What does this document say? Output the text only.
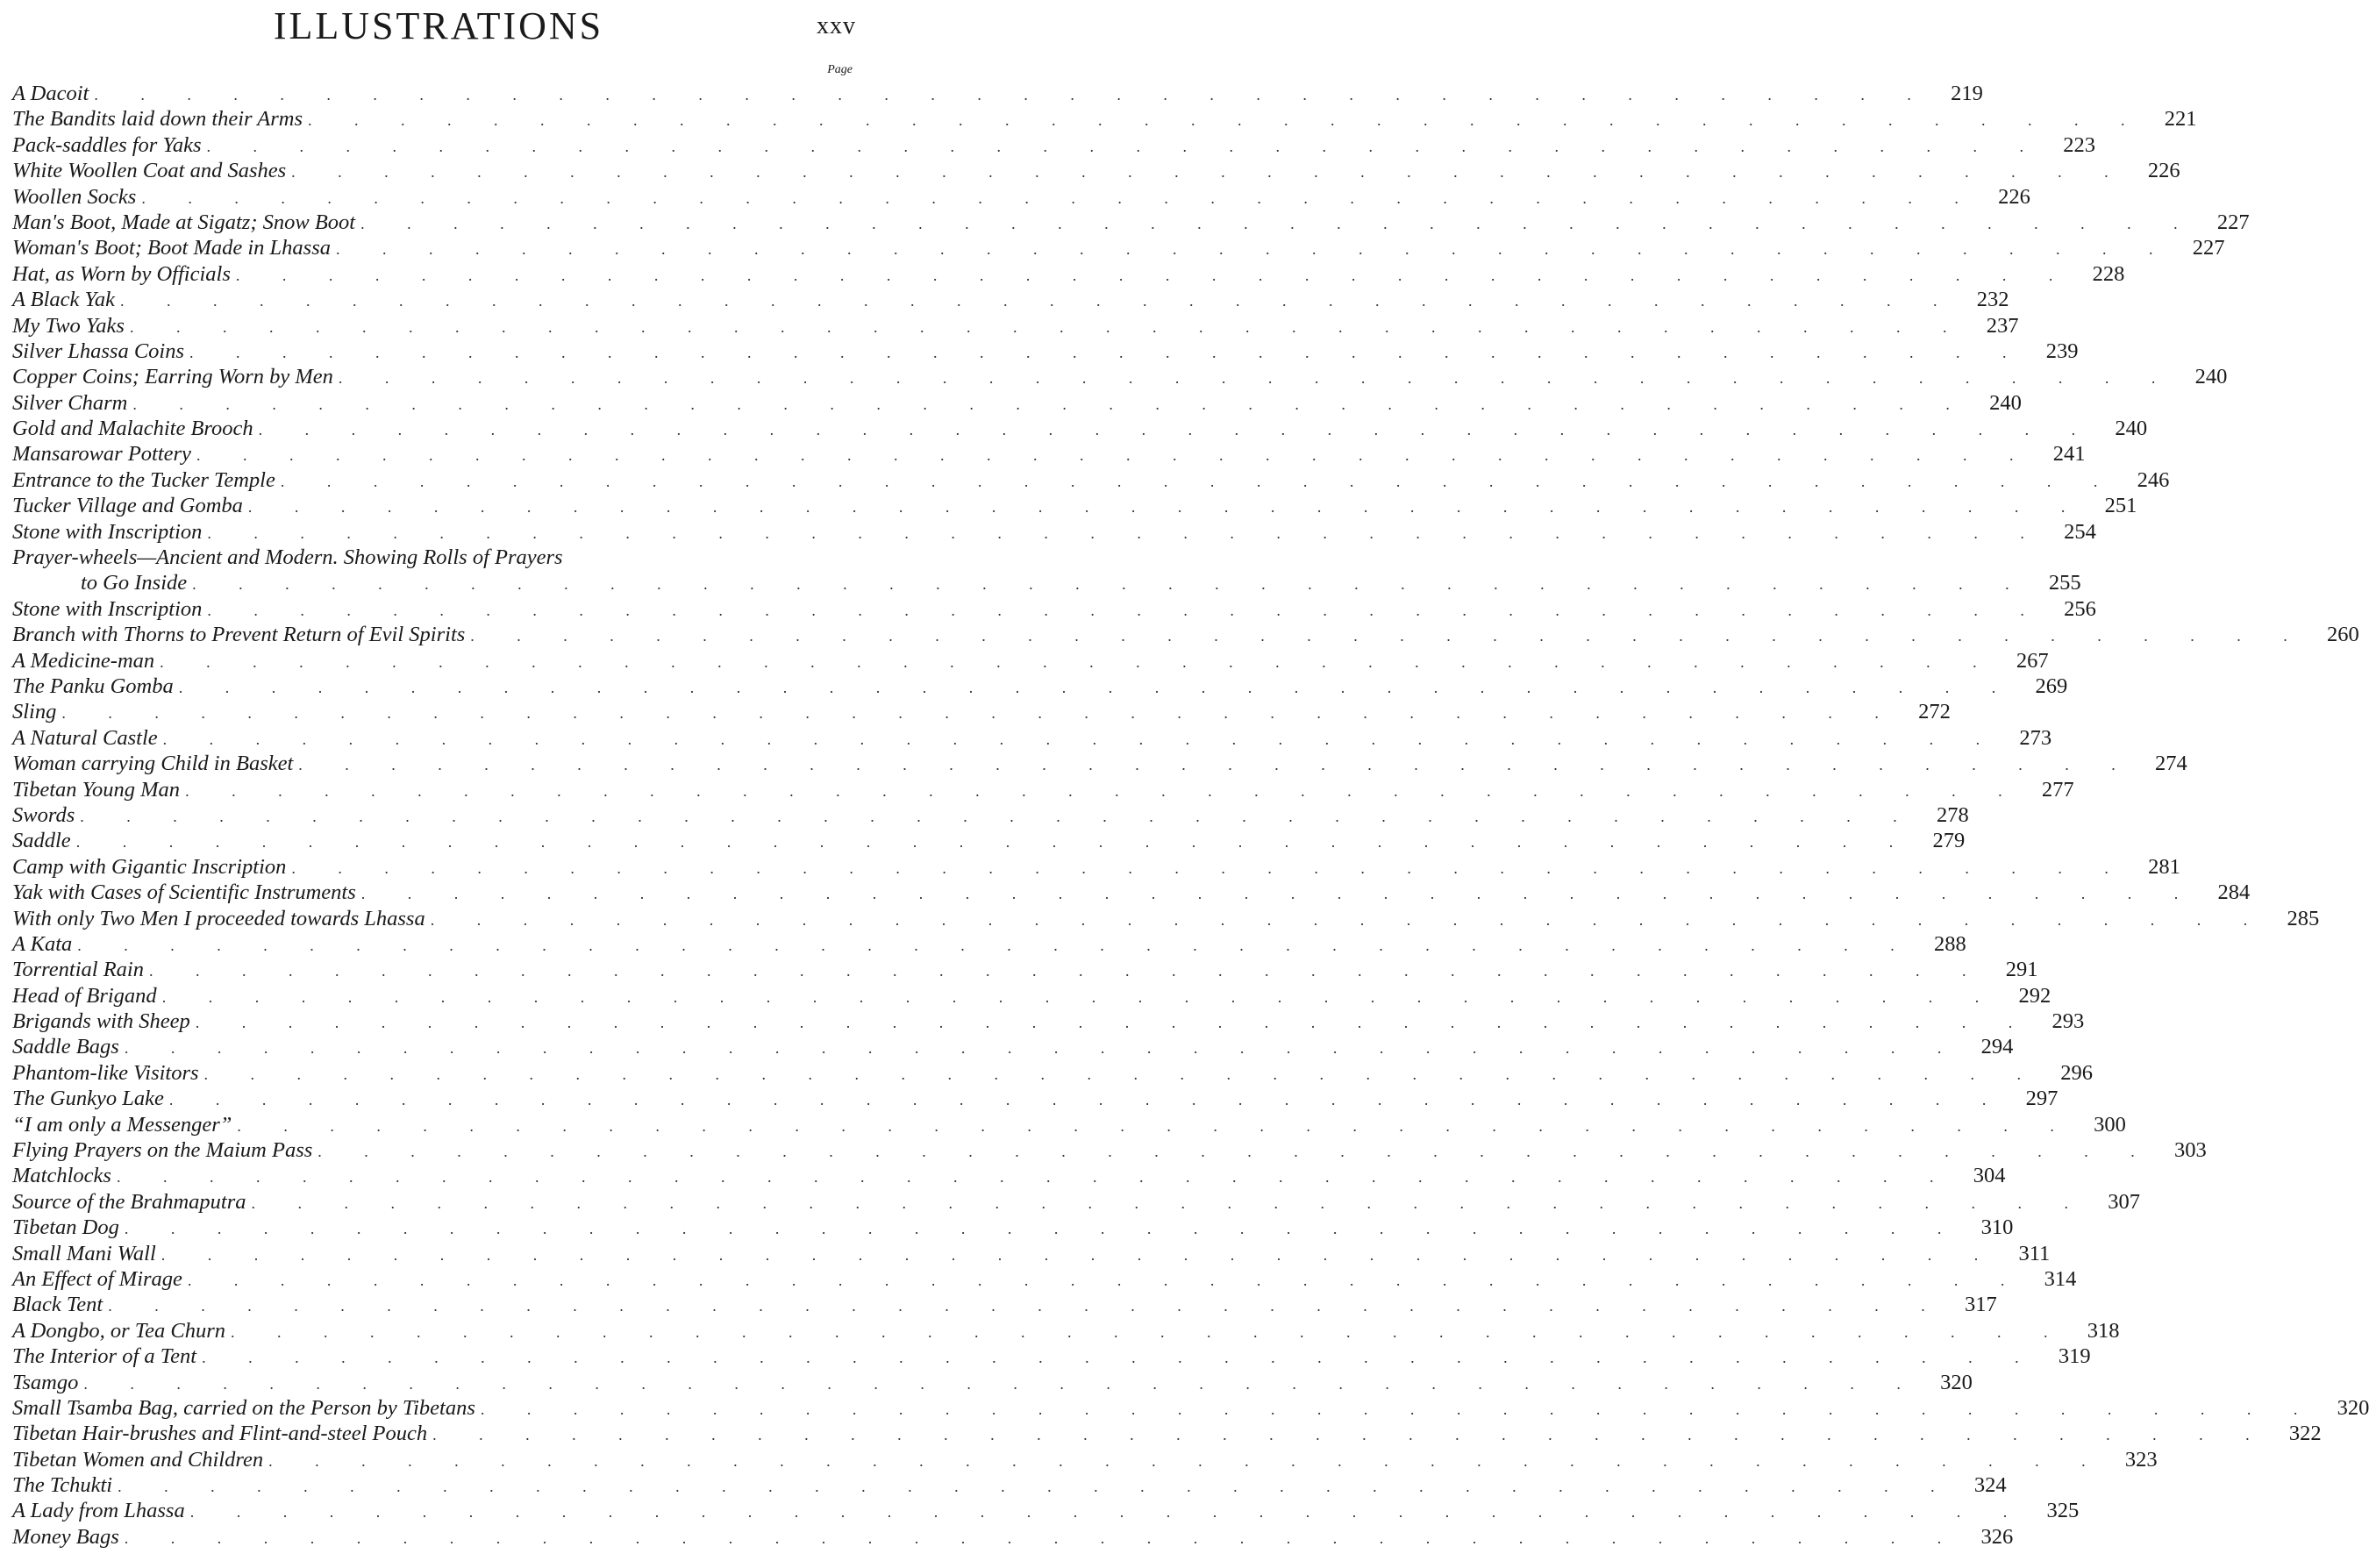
ILLUSTRATIONS	xxv
Page
A Dacoit . . . . . . . . . . . . . . . . . . . . . . . . . . . . . . . . . . . . . . . . 219
The Bandits laid down their Arms . . . . . . . . . . . . . . . . . . . . . . . . . . . . . . . . . . . . . . . . 221
Pack-saddles for Yaks . . . . . . . . . . . . . . . . . . . . . . . . . . . . . . . . . . . . . . . . 223
White Woollen Coat and Sashes . . . . . . . . . . . . . . . . . . . . . . . . . . . . . . . . . . . . . . . . 226
Woollen Socks . . . . . . . . . . . . . . . . . . . . . . . . . . . . . . . . . . . . . . . . 226
Man's Boot, Made at Sigatz; Snow Boot . . . . . . . . . . . . . . . . . . . . . . . . . . . . . . . . . . . . . . . . 227
Woman's Boot; Boot Made in Lhassa . . . . . . . . . . . . . . . . . . . . . . . . . . . . . . . . . . . . . . . . 227
Hat, as Worn by Officials . . . . . . . . . . . . . . . . . . . . . . . . . . . . . . . . . . . . . . . . 228
A Black Yak . . . . . . . . . . . . . . . . . . . . . . . . . . . . . . . . . . . . . . . . 232
My Two Yaks . . . . . . . . . . . . . . . . . . . . . . . . . . . . . . . . . . . . . . . . 237
Silver Lhassa Coins . . . . . . . . . . . . . . . . . . . . . . . . . . . . . . . . . . . . . . . . 239
Copper Coins; Earring Worn by Men . . . . . . . . . . . . . . . . . . . . . . . . . . . . . . . . . . . . . . . . 240
Silver Charm . . . . . . . . . . . . . . . . . . . . . . . . . . . . . . . . . . . . . . . . 240
Gold and Malachite Brooch . . . . . . . . . . . . . . . . . . . . . . . . . . . . . . . . . . . . . . . . 240
Mansarowar Pottery . . . . . . . . . . . . . . . . . . . . . . . . . . . . . . . . . . . . . . . . 241
Entrance to the Tucker Temple . . . . . . . . . . . . . . . . . . . . . . . . . . . . . . . . . . . . . . . . 246
Tucker Village and Gomba . . . . . . . . . . . . . . . . . . . . . . . . . . . . . . . . . . . . . . . . 251
Stone with Inscription . . . . . . . . . . . . . . . . . . . . . . . . . . . . . . . . . . . . . . . . 254
Prayer-wheels—Ancient and Modern. Showing Rolls of Prayers
to Go Inside . . . . . . . . . . . . . . . . . . . . . . . . . . . . . . . . . . . . . . . . 255
Stone with Inscription . . . . . . . . . . . . . . . . . . . . . . . . . . . . . . . . . . . . . . . . 256
Branch with Thorns to Prevent Return of Evil Spirits . . . . . . . . . . . . . . . . . . . . . . . . . . . . . . . . . . . . . . . . 260
A Medicine-man . . . . . . . . . . . . . . . . . . . . . . . . . . . . . . . . . . . . . . . . 267
The Panku Gomba . . . . . . . . . . . . . . . . . . . . . . . . . . . . . . . . . . . . . . . . 269
Sling . . . . . . . . . . . . . . . . . . . . . . . . . . . . . . . . . . . . . . . . 272
A Natural Castle . . . . . . . . . . . . . . . . . . . . . . . . . . . . . . . . . . . . . . . . 273
Woman carrying Child in Basket . . . . . . . . . . . . . . . . . . . . . . . . . . . . . . . . . . . . . . . . 274
Tibetan Young Man . . . . . . . . . . . . . . . . . . . . . . . . . . . . . . . . . . . . . . . . 277
Swords . . . . . . . . . . . . . . . . . . . . . . . . . . . . . . . . . . . . . . . . 278
Saddle . . . . . . . . . . . . . . . . . . . . . . . . . . . . . . . . . . . . . . . . 279
Camp with Gigantic Inscription . . . . . . . . . . . . . . . . . . . . . . . . . . . . . . . . . . . . . . . . 281
Yak with Cases of Scientific Instruments . . . . . . . . . . . . . . . . . . . . . . . . . . . . . . . . . . . . . . . . 284
With only Two Men I proceeded towards Lhassa . . . . . . . . . . . . . . . . . . . . . . . . . . . . . . . . . . . . . . . . 285
A Kata . . . . . . . . . . . . . . . . . . . . . . . . . . . . . . . . . . . . . . . . 288
Torrential Rain . . . . . . . . . . . . . . . . . . . . . . . . . . . . . . . . . . . . . . . . 291
Head of Brigand . . . . . . . . . . . . . . . . . . . . . . . . . . . . . . . . . . . . . . . . 292
Brigands with Sheep . . . . . . . . . . . . . . . . . . . . . . . . . . . . . . . . . . . . . . . . 293
Saddle Bags . . . . . . . . . . . . . . . . . . . . . . . . . . . . . . . . . . . . . . . . 294
Phantom-like Visitors . . . . . . . . . . . . . . . . . . . . . . . . . . . . . . . . . . . . . . . . 296
The Gunkyo Lake . . . . . . . . . . . . . . . . . . . . . . . . . . . . . . . . . . . . . . . . 297
“I am only a Messenger” . . . . . . . . . . . . . . . . . . . . . . . . . . . . . . . . . . . . . . . . 300
Flying Prayers on the Maium Pass . . . . . . . . . . . . . . . . . . . . . . . . . . . . . . . . . . . . . . . . 303
Matchlocks . . . . . . . . . . . . . . . . . . . . . . . . . . . . . . . . . . . . . . . . 304
Source of the Brahmaputra . . . . . . . . . . . . . . . . . . . . . . . . . . . . . . . . . . . . . . . . 307
Tibetan Dog . . . . . . . . . . . . . . . . . . . . . . . . . . . . . . . . . . . . . . . . 310
Small Mani Wall . . . . . . . . . . . . . . . . . . . . . . . . . . . . . . . . . . . . . . . . 311
An Effect of Mirage . . . . . . . . . . . . . . . . . . . . . . . . . . . . . . . . . . . . . . . . 314
Black Tent . . . . . . . . . . . . . . . . . . . . . . . . . . . . . . . . . . . . . . . . 317
A Dongbo, or Tea Churn . . . . . . . . . . . . . . . . . . . . . . . . . . . . . . . . . . . . . . . . 318
The Interior of a Tent . . . . . . . . . . . . . . . . . . . . . . . . . . . . . . . . . . . . . . . . 319
Tsamgo . . . . . . . . . . . . . . . . . . . . . . . . . . . . . . . . . . . . . . . . 320
Small Tsamba Bag, carried on the Person by Tibetans . . . . . . . . . . . . . . . . . . . . . . . . . . . . . . . . . . . . . . . . 320
Tibetan Hair-brushes and Flint-and-steel Pouch . . . . . . . . . . . . . . . . . . . . . . . . . . . . . . . . . . . . . . . . 322
Tibetan Women and Children . . . . . . . . . . . . . . . . . . . . . . . . . . . . . . . . . . . . . . . . 323
The Tchukti . . . . . . . . . . . . . . . . . . . . . . . . . . . . . . . . . . . . . . . . 324
A Lady from Lhassa . . . . . . . . . . . . . . . . . . . . . . . . . . . . . . . . . . . . . . . . 325
Money Bags . . . . . . . . . . . . . . . . . . . . . . . . . . . . . . . . . . . . . . . . 326
